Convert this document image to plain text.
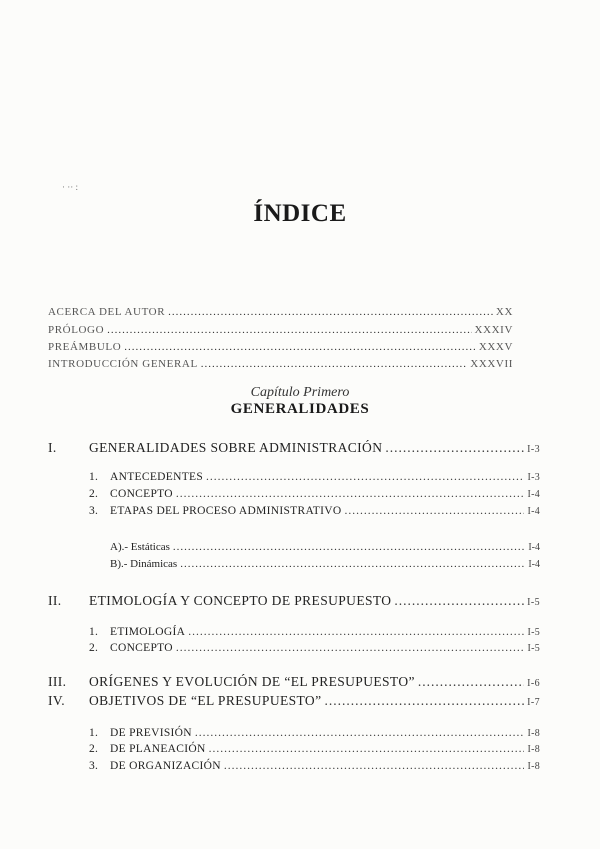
· ·· :
ÍNDICE
ACERCA DEL AUTOR .....	XX
PRÓLOGO .....	XXXIV
PREÁMBULO .....	XXXV
INTRODUCCIÓN GENERAL .....	XXXVII
Capítulo Primero
GENERALIDADES
I. GENERALIDADES SOBRE ADMINISTRACIÓN .....	I-3
1. ANTECEDENTES .....	I-3
2. CONCEPTO .....	I-4
3. ETAPAS DEL PROCESO ADMINISTRATIVO .....	I-4
A).- Estáticas .....	I-4
B).- Dinámicas .....	I-4
II. ETIMOLOGÍA Y CONCEPTO DE PRESUPUESTO .....	I-5
1. ETIMOLOGÍA .....	I-5
2. CONCEPTO .....	I-5
III. ORÍGENES Y EVOLUCIÓN DE “EL PRESUPUESTO” .....	I-6
IV. OBJETIVOS DE “EL PRESUPUESTO” .....	I-7
1. DE PREVISIÓN .....	I-8
2. DE PLANEACIÓN .....	I-8
3. DE ORGANIZACIÓN .....	I-8
